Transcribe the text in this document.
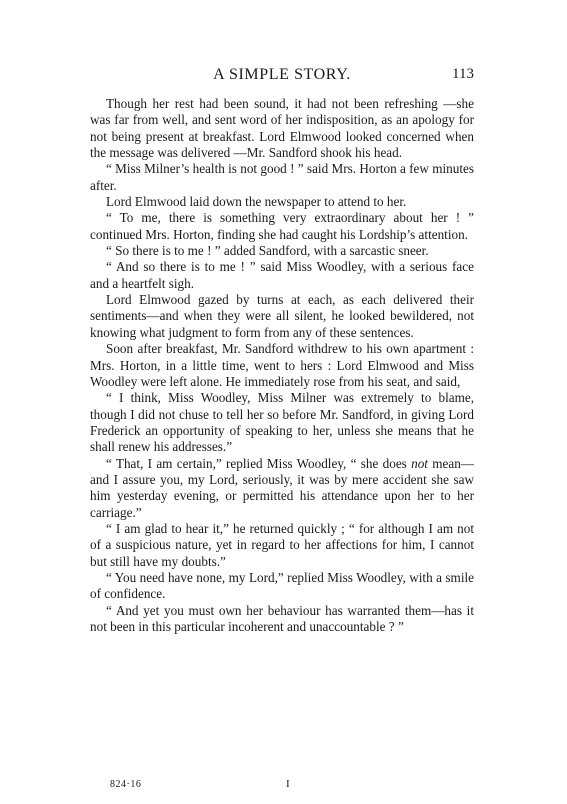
A SIMPLE STORY.	113

Though her rest had been sound, it had not been refreshing —she was far from well, and sent word of her indisposition, as an apology for not being present at breakfast. Lord Elmwood looked concerned when the message was delivered —Mr. Sandford shook his head.

“ Miss Milner’s health is not good ! ” said Mrs. Horton a few minutes after.

Lord Elmwood laid down the newspaper to attend to her.

“ To me, there is something very extraordinary about her ! ” continued Mrs. Horton, finding she had caught his Lordship’s attention.

“ So there is to me ! ” added Sandford, with a sarcastic sneer.

“ And so there is to me ! ” said Miss Woodley, with a serious face and a heartfelt sigh.

Lord Elmwood gazed by turns at each, as each delivered their sentiments—and when they were all silent, he looked bewildered, not knowing what judgment to form from any of these sentences.

Soon after breakfast, Mr. Sandford withdrew to his own apartment : Mrs. Horton, in a little time, went to hers : Lord Elmwood and Miss Woodley were left alone. He immediately rose from his seat, and said,

“ I think, Miss Woodley, Miss Milner was extremely to blame, though I did not chuse to tell her so before Mr. Sandford, in giving Lord Frederick an opportunity of speaking to her, unless she means that he shall renew his addresses.”

“ That, I am certain,” replied Miss Woodley, “ she does not mean—and I assure you, my Lord, seriously, it was by mere accident she saw him yesterday evening, or permitted his attendance upon her to her carriage.”

“ I am glad to hear it,” he returned quickly ; “ for although I am not of a suspicious nature, yet in regard to her affections for him, I cannot but still have my doubts.”

“ You need have none, my Lord,” replied Miss Woodley, with a smile of confidence.

“ And yet you must own her behaviour has warranted them—has it not been in this particular incoherent and unaccountable ? ”

824·16	I
